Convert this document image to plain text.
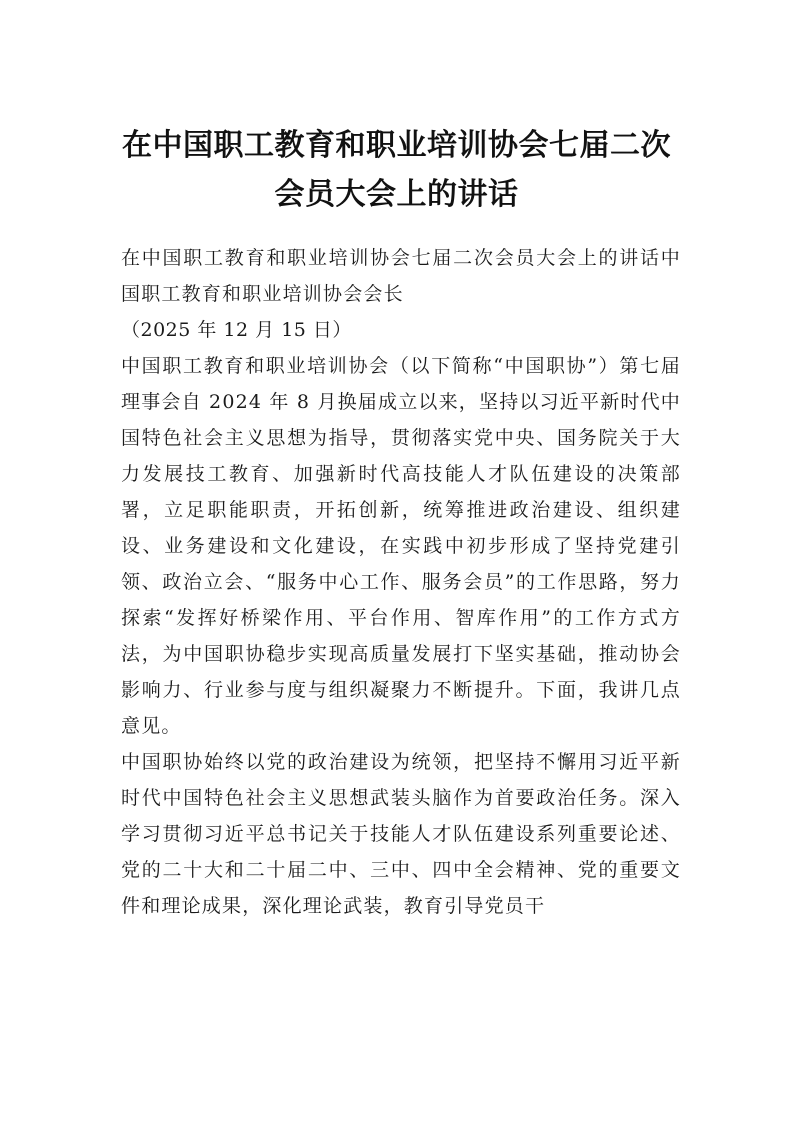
在中国职工教育和职业培训协会七届二次
会员大会上的讲话

在中国职工教育和职业培训协会七届二次会员大会上的讲话中国职工教育和职业培训协会会长

（2025 年 12 月 15 日）

中国职工教育和职业培训协会（以下简称“中国职协”）第七届理事会自 2024 年 8 月换届成立以来，坚持以习近平新时代中国特色社会主义思想为指导，贯彻落实党中央、国务院关于大力发展技工教育、加强新时代高技能人才队伍建设的决策部署，立足职能职责，开拓创新，统筹推进政治建设、组织建设、业务建设和文化建设，在实践中初步形成了坚持党建引领、政治立会、“服务中心工作、服务会员”的工作思路，努力探索“发挥好桥梁作用、平台作用、智库作用”的工作方式方法，为中国职协稳步实现高质量发展打下坚实基础，推动协会影响力、行业参与度与组织凝聚力不断提升。下面，我讲几点意见。

中国职协始终以党的政治建设为统领，把坚持不懈用习近平新时代中国特色社会主义思想武装头脑作为首要政治任务。深入学习贯彻习近平总书记关于技能人才队伍建设系列重要论述、党的二十大和二十届二中、三中、四中全会精神、党的重要文件和理论成果，深化理论武装，教育引导党员干
